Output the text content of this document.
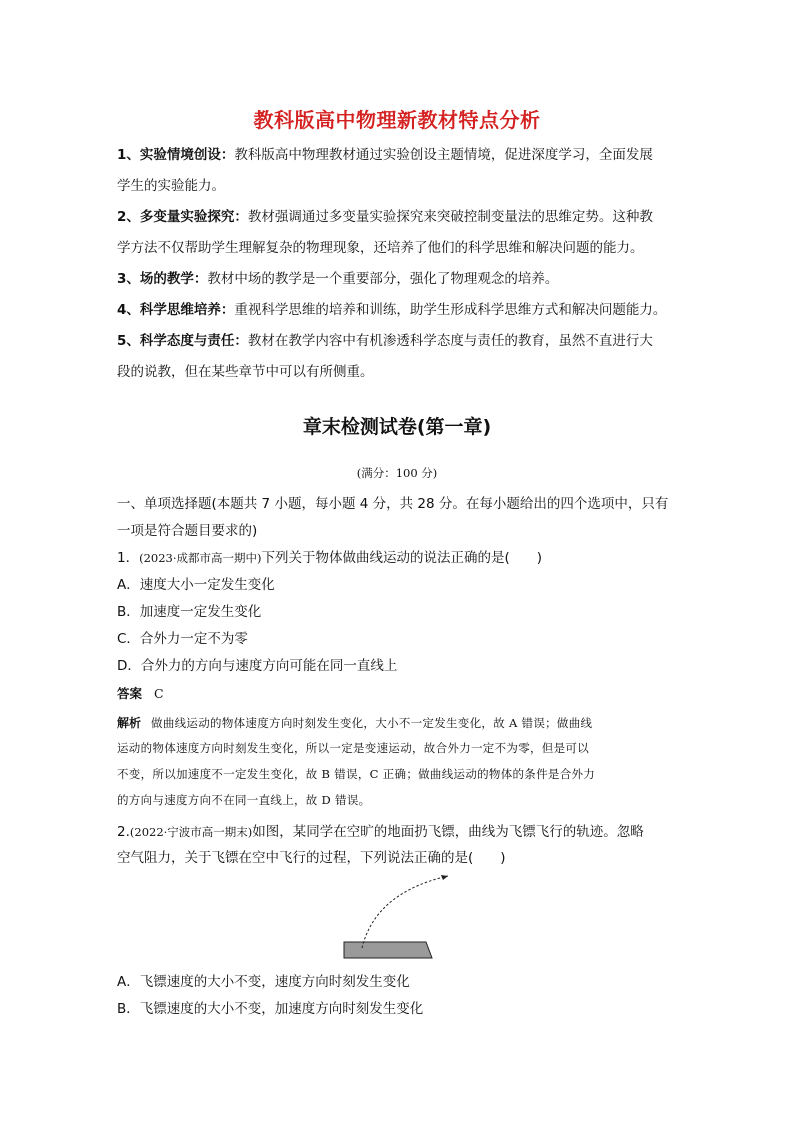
教科版高中物理新教材特点分析

1、实验情境创设：教科版高中物理教材通过实验创设主题情境，促进深度学习，全面发展

学生的实验能力。

2、多变量实验探究：教材强调通过多变量实验探究来突破控制变量法的思维定势。这种教

学方法不仅帮助学生理解复杂的物理现象，还培养了他们的科学思维和解决问题的能力。

3、场的教学：教材中场的教学是一个重要部分，强化了物理观念的培养。

4、科学思维培养：重视科学思维的培养和训练，助学生形成科学思维方式和解决问题能力。

5、科学态度与责任：教材在教学内容中有机渗透科学态度与责任的教育，虽然不直进行大

段的说教，但在某些章节中可以有所侧重。

章末检测试卷(第一章)
(满分：100 分)
一、单项选择题(本题共 7 小题，每小题 4 分，共 28 分。在每小题给出的四个选项中，只有
一项是符合题目要求的)
1．(2023·成都市高一期中)下列关于物体做曲线运动的说法正确的是(　　)
A．速度大小一定发生变化
B．加速度一定发生变化
C．合外力一定不为零
D．合外力的方向与速度方向可能在同一直线上
答案 C
解析 做曲线运动的物体速度方向时刻发生变化，大小不一定发生变化，故 A 错误；做曲线
运动的物体速度方向时刻发生变化，所以一定是变速运动，故合外力一定不为零，但是可以
不变，所以加速度不一定发生变化，故 B 错误，C 正确；做曲线运动的物体的条件是合外力
的方向与速度方向不在同一直线上，故 D 错误。
2.(2022·宁波市高一期末)如图，某同学在空旷的地面扔飞镖，曲线为飞镖飞行的轨迹。忽略
空气阻力，关于飞镖在空中飞行的过程，下列说法正确的是(　　)
A．飞镖速度的大小不变，速度方向时刻发生变化
B．飞镖速度的大小不变，加速度方向时刻发生变化
